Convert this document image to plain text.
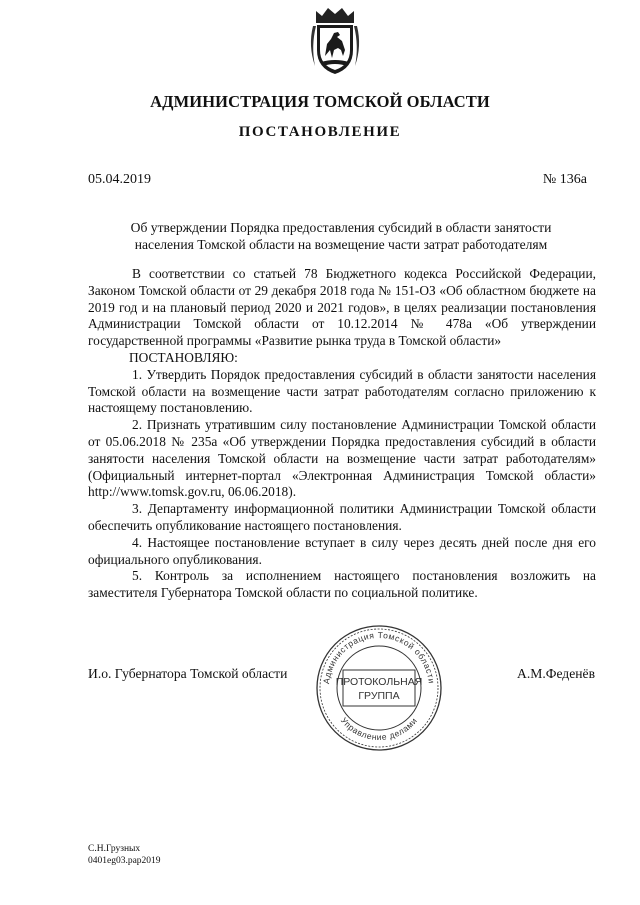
АДМИНИСТРАЦИЯ ТОМСКОЙ ОБЛАСТИ
ПОСТАНОВЛЕНИЕ
05.04.2019	№ 136а
Об утверждении Порядка предоставления субсидий в области занятости населения Томской области на возмещение части затрат работодателям

В соответствии со статьей 78 Бюджетного кодекса Российской Федерации, Законом Томской области от 29 декабря 2018 года № 151-ОЗ «Об областном бюджете на 2019 год и на плановый период 2020 и 2021 годов», в целях реализации постановления Администрации Томской области от 10.12.2014 № 478а «Об утверждении государственной программы «Развитие рынка труда в Томской области»

ПОСТАНОВЛЯЮ:

1. Утвердить Порядок предоставления субсидий в области занятости населения Томской области на возмещение части затрат работодателям согласно приложению к настоящему постановлению.

2. Признать утратившим силу постановление Администрации Томской области от 05.06.2018 № 235а «Об утверждении Порядка предоставления субсидий в области занятости населения Томской области на возмещение части затрат работодателям» (Официальный интернет-портал «Электронная Администрация Томской области» http://www.tomsk.gov.ru, 06.06.2018).

3. Департаменту информационной политики Администрации Томской области обеспечить опубликование настоящего постановления.

4. Настоящее постановление вступает в силу через десять дней после дня его официального опубликования.

5. Контроль за исполнением настоящего постановления возложить на заместителя Губернатора Томской области по социальной политике.

И.о. Губернатора Томской области	А.М.Феденёв
Администрация Томской области
Управление делами
ПРОТОКОЛЬНАЯ
ГРУППА
С.Н.Грузных
0401eg03.pap2019
